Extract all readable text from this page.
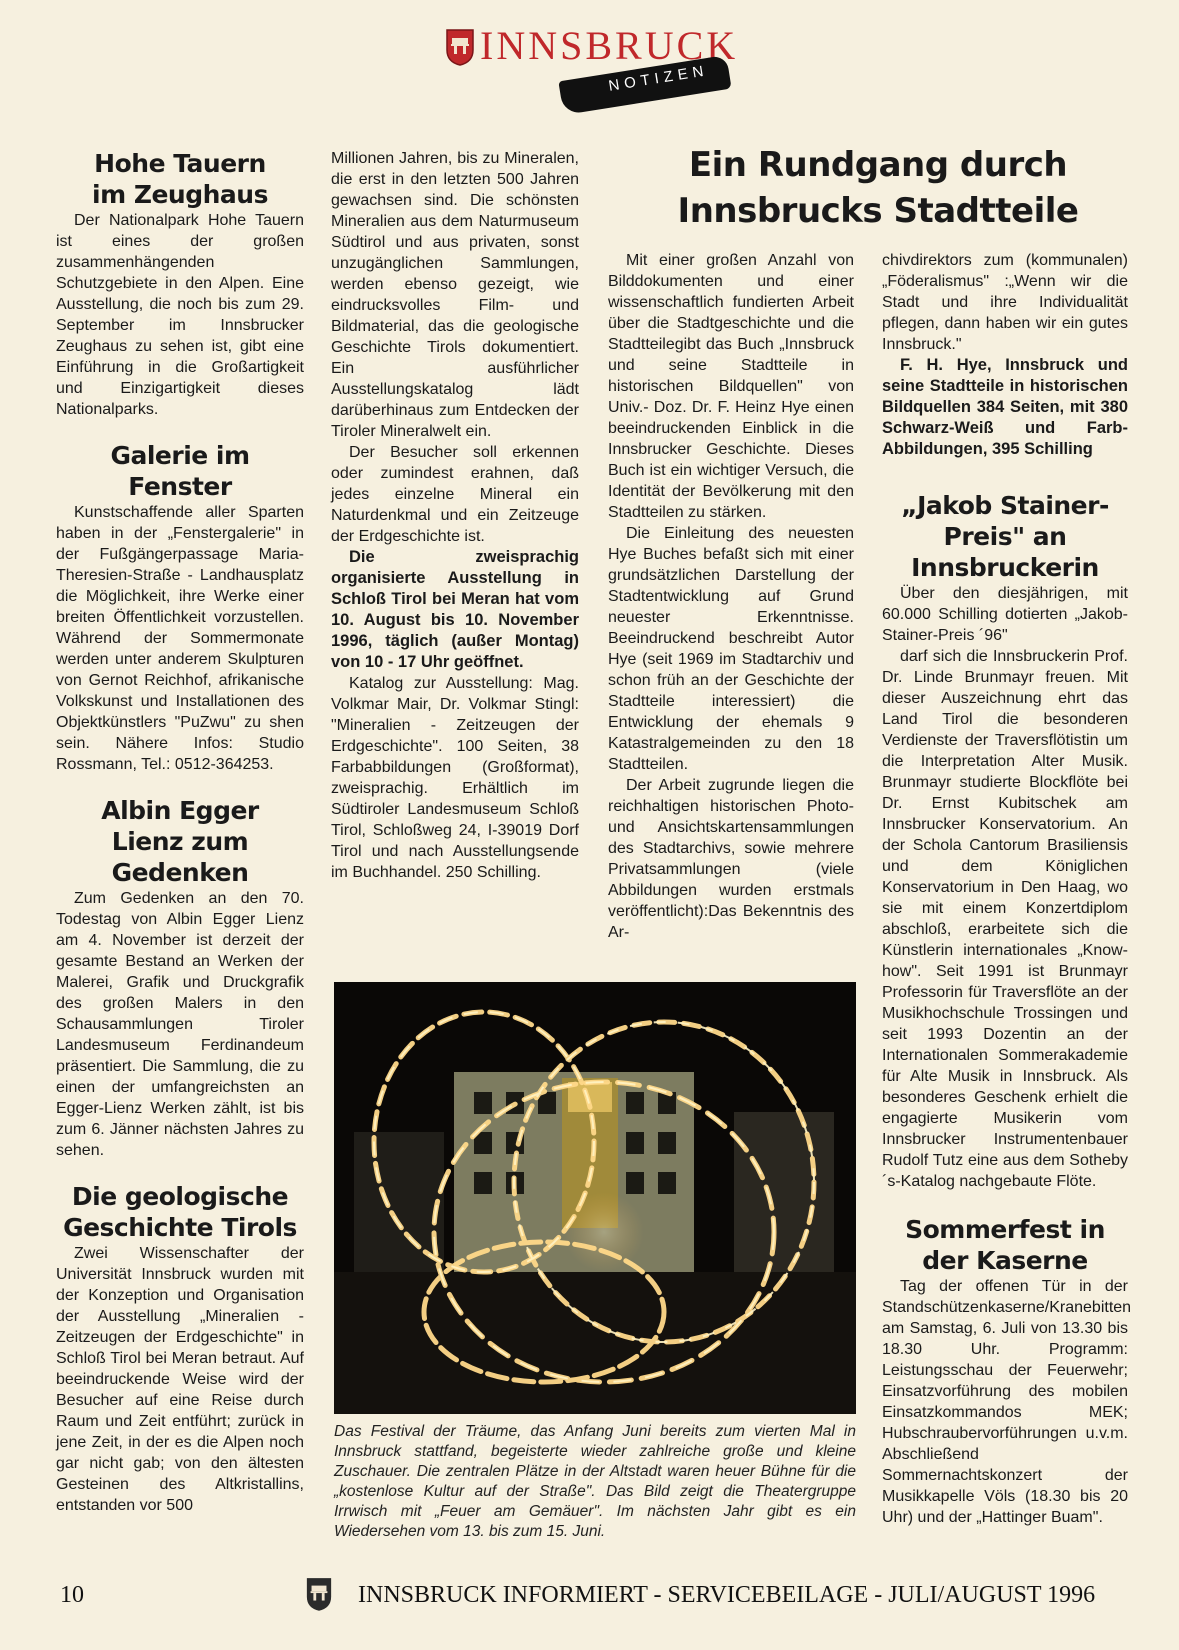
INNSBRUCK
NOTIZEN
Hohe Tauern
im Zeughaus

Der Nationalpark Hohe Tauern ist eines der großen zusammenhängenden Schutzgebiete in den Alpen. Eine Ausstellung, die noch bis zum 29. September im Innsbrucker Zeughaus zu sehen ist, gibt eine Einführung in die Großartigkeit und Einzigartigkeit dieses Nationalparks.

Galerie im Fenster

Kunstschaffende aller Sparten haben in der „Fenstergalerie" in der Fußgängerpassage Maria-Theresien-Straße - Landhausplatz die Möglichkeit, ihre Werke einer breiten Öffentlichkeit vorzustellen. Während der Sommermonate werden unter anderem Skulpturen von Gernot Reichhof, afrikanische Volkskunst und Installationen des Objektkünstlers "PuZwu" zu shen sein. Nähere Infos: Studio Rossmann, Tel.: 0512-364253.

Albin Egger
Lienz zum
Gedenken

Zum Gedenken an den 70. Todestag von Albin Egger Lienz am 4. November ist derzeit der gesamte Bestand an Werken der Malerei, Grafik und Druckgrafik des großen Malers in den Schausammlungen Tiroler Landesmuseum Ferdinandeum präsentiert. Die Sammlung, die zu einen der umfangreichsten an Egger-Lienz Werken zählt, ist bis zum 6. Jänner nächsten Jahres zu sehen.

Die geologische
Geschichte Tirols

Zwei Wissenschafter der Universität Innsbruck wurden mit der Konzeption und Organisation der Ausstellung „Mineralien - Zeitzeugen der Erdgeschichte" in Schloß Tirol bei Meran betraut. Auf beeindruckende Weise wird der Besucher auf eine Reise durch Raum und Zeit entführt; zurück in jene Zeit, in der es die Alpen noch gar nicht gab; von den ältesten Gesteinen des Altkristallins, entstanden vor 500

Millionen Jahren, bis zu Mineralen, die erst in den letzten 500 Jahren gewachsen sind. Die schönsten Mineralien aus dem Naturmuseum Südtirol und aus privaten, sonst unzugänglichen Sammlungen, werden ebenso gezeigt, wie eindrucksvolles Film- und Bildmaterial, das die geologische Geschichte Tirols dokumentiert. Ein ausführlicher Ausstellungskatalog lädt darüberhinaus zum Entdecken der Tiroler Mineralwelt ein.

Der Besucher soll erkennen oder zumindest erahnen, daß jedes einzelne Mineral ein Naturdenkmal und ein Zeitzeuge der Erdgeschichte ist.

Die zweisprachig organisierte Ausstellung in Schloß Tirol bei Meran hat vom 10. August bis 10. November 1996, täglich (außer Montag) von 10 - 17 Uhr geöffnet.

Katalog zur Ausstellung: Mag. Volkmar Mair, Dr. Volkmar Stingl: "Mineralien - Zeitzeugen der Erdgeschichte". 100 Seiten, 38 Farbabbildungen (Großformat), zweisprachig. Erhältlich im Südtiroler Landesmuseum Schloß Tirol, Schloßweg 24, I-39019 Dorf Tirol und nach Ausstellungsende im Buchhandel. 250 Schilling.

Ein Rundgang durch
Innsbrucks Stadtteile

Mit einer großen Anzahl von Bilddokumenten und einer wissenschaftlich fundierten Arbeit über die Stadtgeschichte und die Stadtteilegibt das Buch „Innsbruck und seine Stadtteile in historischen Bildquellen" von Univ.- Doz. Dr. F. Heinz Hye einen beeindruckenden Einblick in die Innsbrucker Geschichte. Dieses Buch ist ein wichtiger Versuch, die Identität der Bevölkerung mit den Stadtteilen zu stärken.

Die Einleitung des neuesten Hye Buches befaßt sich mit einer grundsätzlichen Darstellung der Stadtentwicklung auf Grund neuester Erkenntnisse. Beeindruckend beschreibt Autor Hye (seit 1969 im Stadtarchiv und schon früh an der Geschichte der Stadtteile interessiert) die Entwicklung der ehemals 9 Katastralgemeinden zu den 18 Stadtteilen.

Der Arbeit zugrunde liegen die reichhaltigen historischen Photo- und Ansichtskartensammlungen des Stadtarchivs, sowie mehrere Privatsammlungen (viele Abbildungen wurden erstmals veröffentlicht):Das Bekenntnis des Ar-

chivdirektors zum (kommunalen) „Föderalismus" :„Wenn wir die Stadt und ihre Individualität pflegen, dann haben wir ein gutes Innsbruck."

F. H. Hye, Innsbruck und seine Stadtteile in historischen Bildquellen 384 Seiten, mit 380 Schwarz-Weiß und Farb-Abbildungen, 395 Schilling

„Jakob Stainer-
Preis" an
Innsbruckerin

Über den diesjährigen, mit 60.000 Schilling dotierten „Jakob-Stainer-Preis ´96"

darf sich die Innsbruckerin Prof. Dr. Linde Brunmayr freuen. Mit dieser Auszeichnung ehrt das Land Tirol die besonderen Verdienste der Traversflötistin um die Interpretation Alter Musik. Brunmayr studierte Blockflöte bei Dr. Ernst Kubitschek am Innsbrucker Konservatorium. An der Schola Cantorum Brasiliensis und dem Königlichen Konservatorium in Den Haag, wo sie mit einem Konzertdiplom abschloß, erarbeitete sich die Künstlerin internationales „Know-how". Seit 1991 ist Brunmayr Professorin für Traversflöte an der Musikhochschule Trossingen und seit 1993 Dozentin an der Internationalen Sommerakademie für Alte Musik in Innsbruck. Als besonderes Geschenk erhielt die engagierte Musikerin vom Innsbrucker Instrumentenbauer Rudolf Tutz eine aus dem Sotheby´s-Katalog nachgebaute Flöte.

Sommerfest in
der Kaserne

Tag der offenen Tür in der Standschützenkaserne/Kranebitten am Samstag, 6. Juli von 13.30 bis 18.30 Uhr. Programm: Leistungsschau der Feuerwehr; Einsatzvorführung des mobilen Einsatzkommandos MEK; Hubschraubervorführungen u.v.m. Abschließend Sommernachtskonzert der Musikkapelle Völs (18.30 bis 20 Uhr) und der „Hattinger Buam".

Das Festival der Träume, das Anfang Juni bereits zum vierten Mal in Innsbruck stattfand, begeisterte wieder zahlreiche große und kleine Zuschauer. Die zentralen Plätze in der Altstadt waren heuer Bühne für die „kostenlose Kultur auf der Straße". Das Bild zeigt die Theatergruppe Irrwisch mit „Feuer am Gemäuer". Im nächsten Jahr gibt es ein Wiedersehen vom 13. bis zum 15. Juni.
10	INNSBRUCK INFORMIERT - SERVICEBEILAGE - JULI/AUGUST 1996
